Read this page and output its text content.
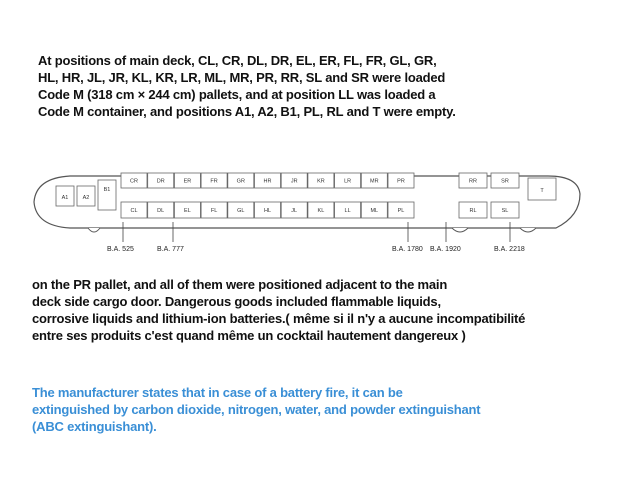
At positions of main deck, CL, CR, DL, DR, EL, ER, FL, FR, GL, GR,
HL, HR, JL, JR, KL, KR, LR, ML, MR, PR, RR, SL and SR were loaded
Code M (318 cm × 244 cm) pallets, and at position LL was loaded a
Code M container, and positions A1, A2, B1, PL, RL and T were empty.

A1	A2
B1
CR	DR	ER	FR	GR	HR	JR	KR	LR	MR	PR
CL	DL	EL	FL	GL	HL	JL	KL	LL	ML	PL
RR	SR
RL	SL
T
B.A. 525	B.A. 777	B.A. 1780 B.A. 1920	B.A. 2218

on the PR pallet, and all of them were positioned adjacent to the main
deck side cargo door. Dangerous goods included flammable liquids,
corrosive liquids and lithium-ion batteries.( même si il n'y a aucune incompatibilité
entre ses produits c'est quand même un cocktail hautement dangereux )

The manufacturer states that in case of a battery fire, it can be
extinguished by carbon dioxide, nitrogen, water, and powder extinguishant
(ABC extinguishant).
